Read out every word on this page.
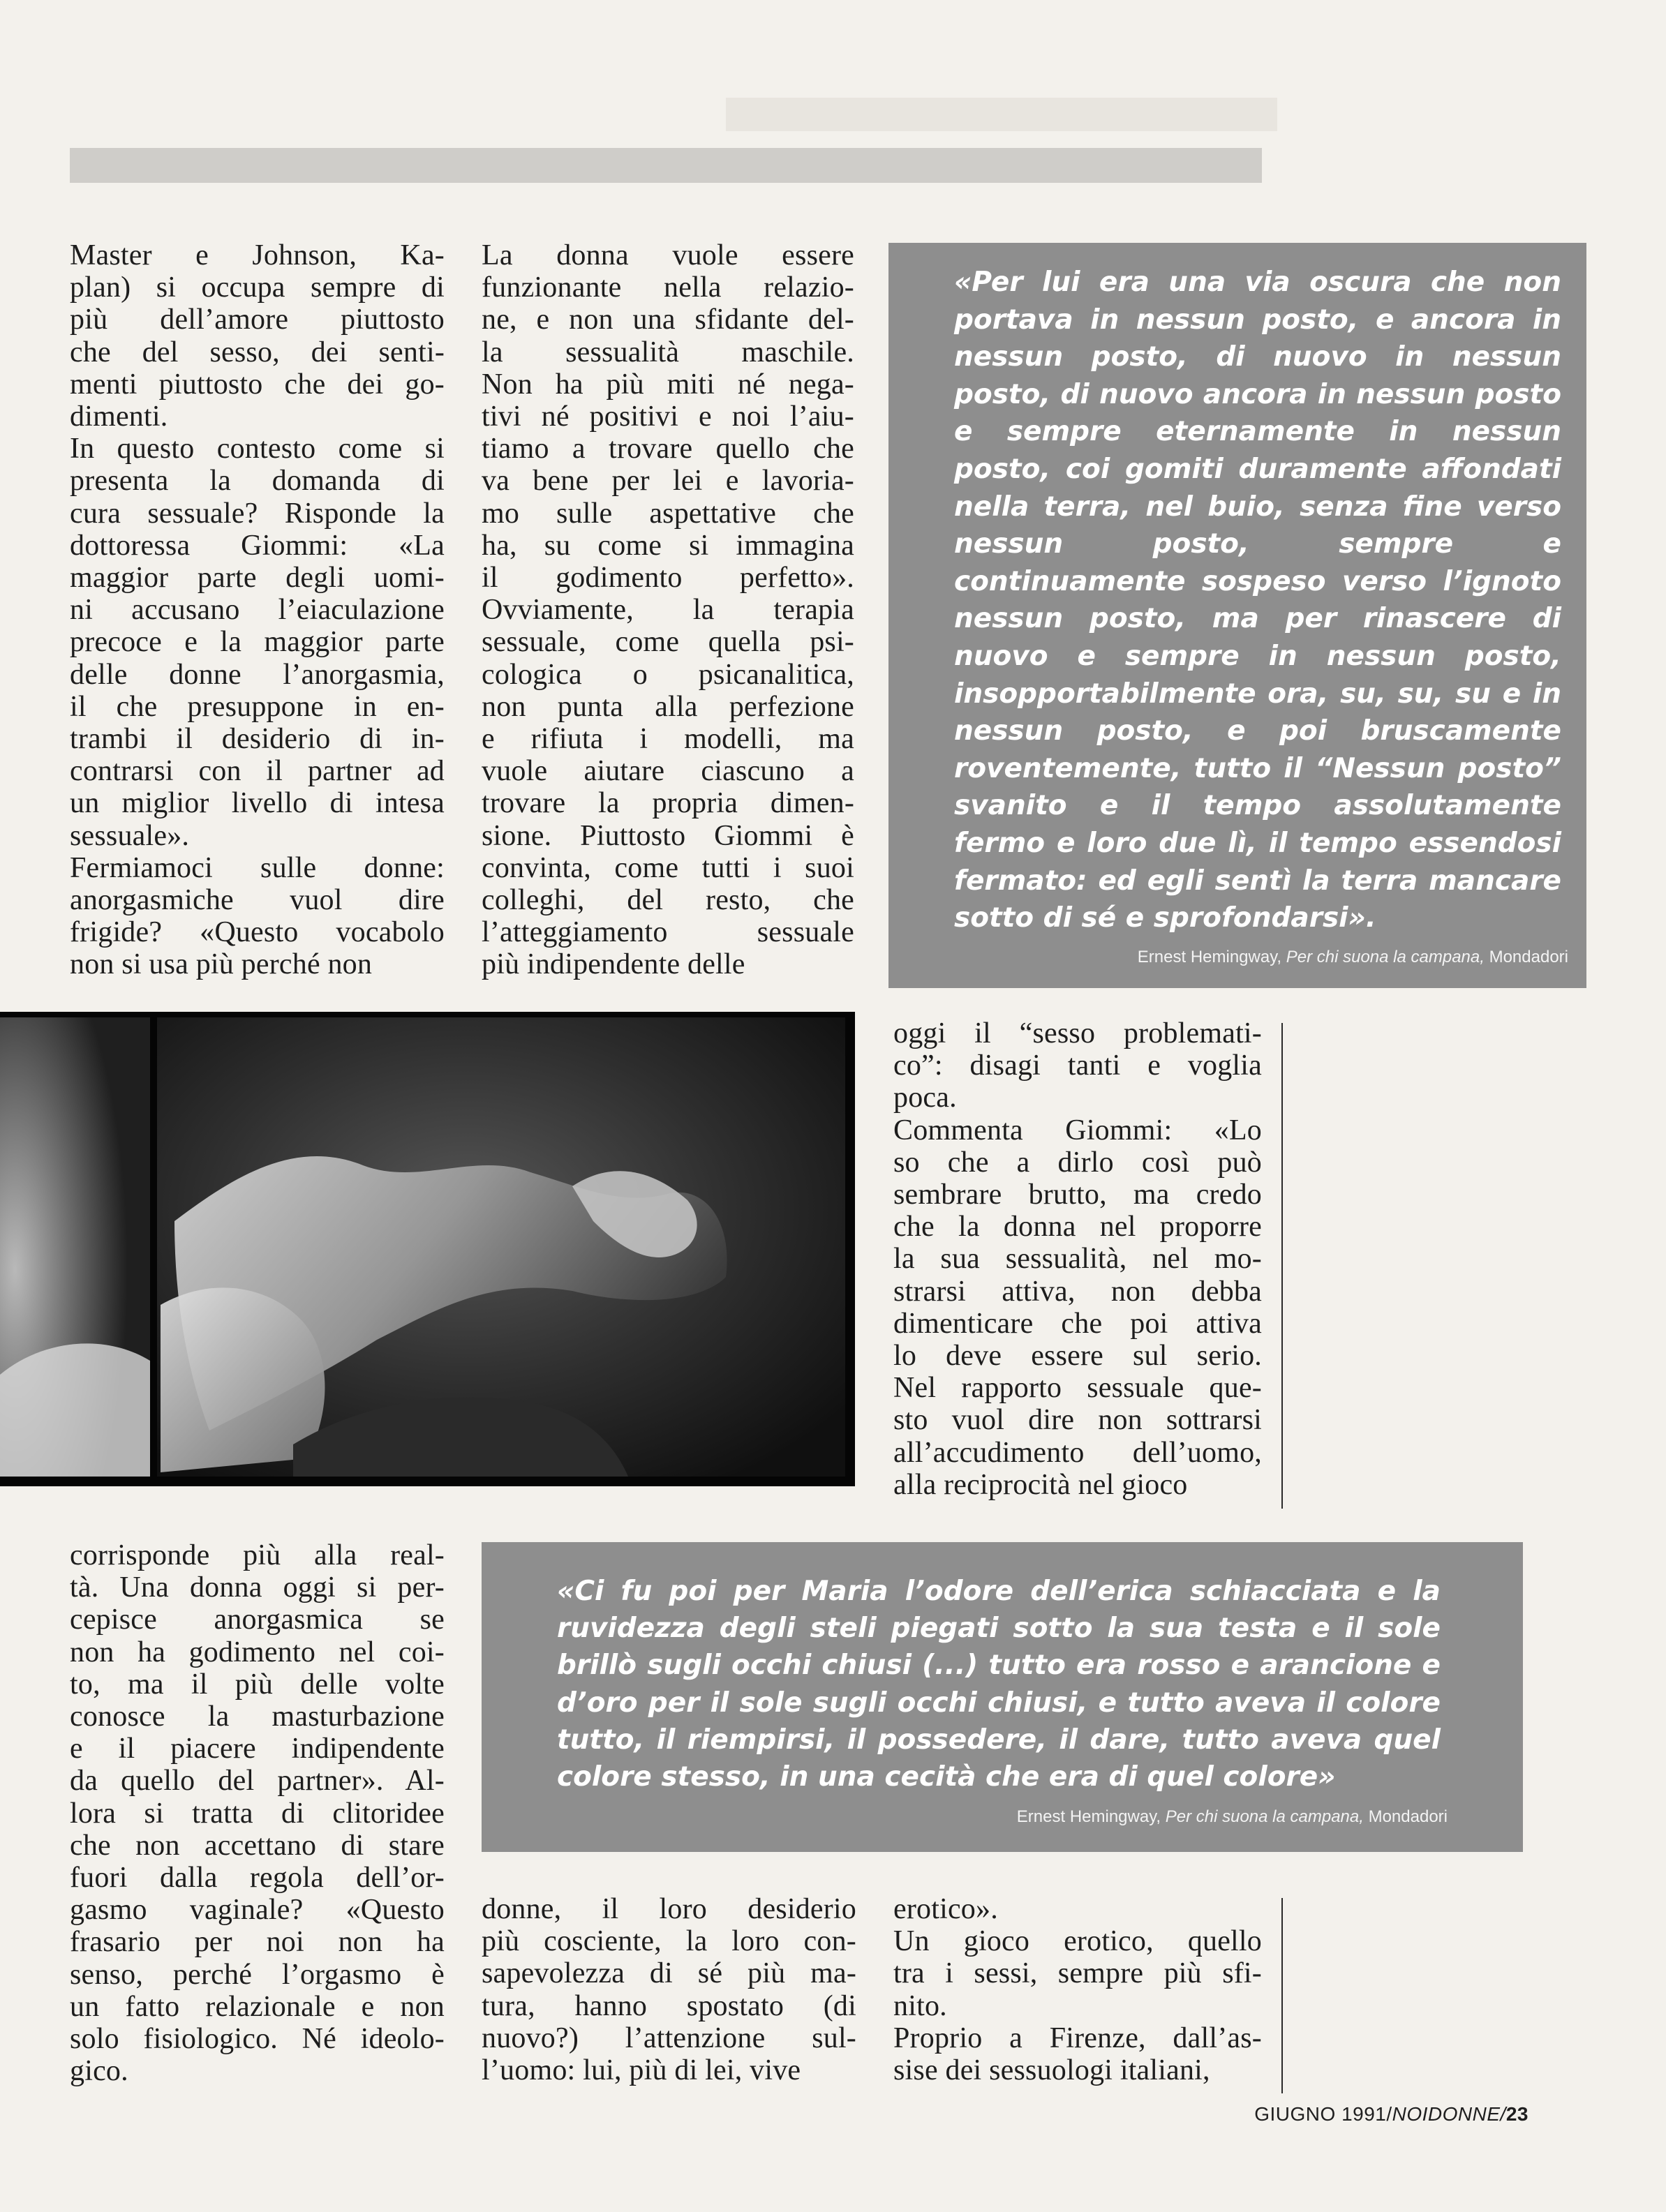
Master e Johnson, Ka-
plan) si occupa sempre di
più dell’amore piuttosto
che del sesso, dei senti-
menti piuttosto che dei go-
dimenti.

In questo contesto come si
presenta la domanda di
cura sessuale? Risponde la
dottoressa Giommi: «La
maggior parte degli uomi-
ni accusano l’eiaculazione
precoce e la maggior parte
delle donne l’anorgasmia,
il che presuppone in en-
trambi il desiderio di in-
contrarsi con il partner ad
un miglior livello di intesa
sessuale».

Fermiamoci sulle donne:
anorgasmiche vuol dire
frigide? «Questo vocabolo
non si usa più perché non

La donna vuole essere
funzionante nella relazio-
ne, e non una sfidante del-
la sessualità maschile.
Non ha più miti né nega-
tivi né positivi e noi l’aiu-
tiamo a trovare quello che
va bene per lei e lavoria-
mo sulle aspettative che
ha, su come si immagina
il godimento perfetto».
Ovviamente, la terapia
sessuale, come quella psi-
cologica o psicanalitica,
non punta alla perfezione
e rifiuta i modelli, ma
vuole aiutare ciascuno a
trovare la propria dimen-
sione. Piuttosto Giommi è
convinta, come tutti i suoi
colleghi, del resto, che
l’atteggiamento sessuale
più indipendente delle

«Per lui era una via oscura che non portava in nessun posto, e ancora in nessun posto, di nuovo in nessun posto, di nuovo ancora in nessun posto e sempre eternamente in nessun posto, coi gomiti duramente affondati nella terra, nel buio, senza fine verso nessun posto, sempre e continuamente sospeso verso l’ignoto nessun posto, ma per rinascere di nuovo e sempre in nessun posto, insopportabilmente ora, su, su, su e in nessun posto, e poi bruscamente roventemente, tutto il “Nessun posto” svanito e il tempo assolutamente fermo e loro due lì, il tempo essendosi fermato: ed egli sentì la terra mancare sotto di sé e sprofondarsi».
Ernest Hemingway, Per chi suona la campana, Mondadori

oggi il “sesso problemati-
co”: disagi tanti e voglia
poca.

Commenta Giommi: «Lo
so che a dirlo così può
sembrare brutto, ma credo
che la donna nel proporre
la sua sessualità, nel mo-
strarsi attiva, non debba
dimenticare che poi attiva
lo deve essere sul serio.
Nel rapporto sessuale que-
sto vuol dire non sottrarsi
all’accudimento dell’uomo,
alla reciprocità nel gioco

corrisponde più alla real-
tà. Una donna oggi si per-
cepisce anorgasmica se
non ha godimento nel coi-
to, ma il più delle volte
conosce la masturbazione
e il piacere indipendente
da quello del partner». Al-
lora si tratta di clitoridee
che non accettano di stare
fuori dalla regola dell’or-
gasmo vaginale? «Questo
frasario per noi non ha
senso, perché l’orgasmo è
un fatto relazionale e non
solo fisiologico. Né ideolo-
gico.

«Ci fu poi per Maria l’odore dell’erica schiacciata e la ruvidezza degli steli piegati sotto la sua testa e il sole brillò sugli occhi chiusi (...) tutto era rosso e arancione e d’oro per il sole sugli occhi chiusi, e tutto aveva il colore tutto, il riempirsi, il possedere, il dare, tutto aveva quel colore stesso, in una cecità che era di quel colore»
Ernest Hemingway, Per chi suona la campana, Mondadori

donne, il loro desiderio
più cosciente, la loro con-
sapevolezza di sé più ma-
tura, hanno spostato (di
nuovo?) l’attenzione sul-
l’uomo: lui, più di lei, vive

erotico».

Un gioco erotico, quello
tra i sessi, sempre più sfi-
nito.

Proprio a Firenze, dall’as-
sise dei sessuologi italiani,

GIUGNO 1991/NOIDONNE/23
